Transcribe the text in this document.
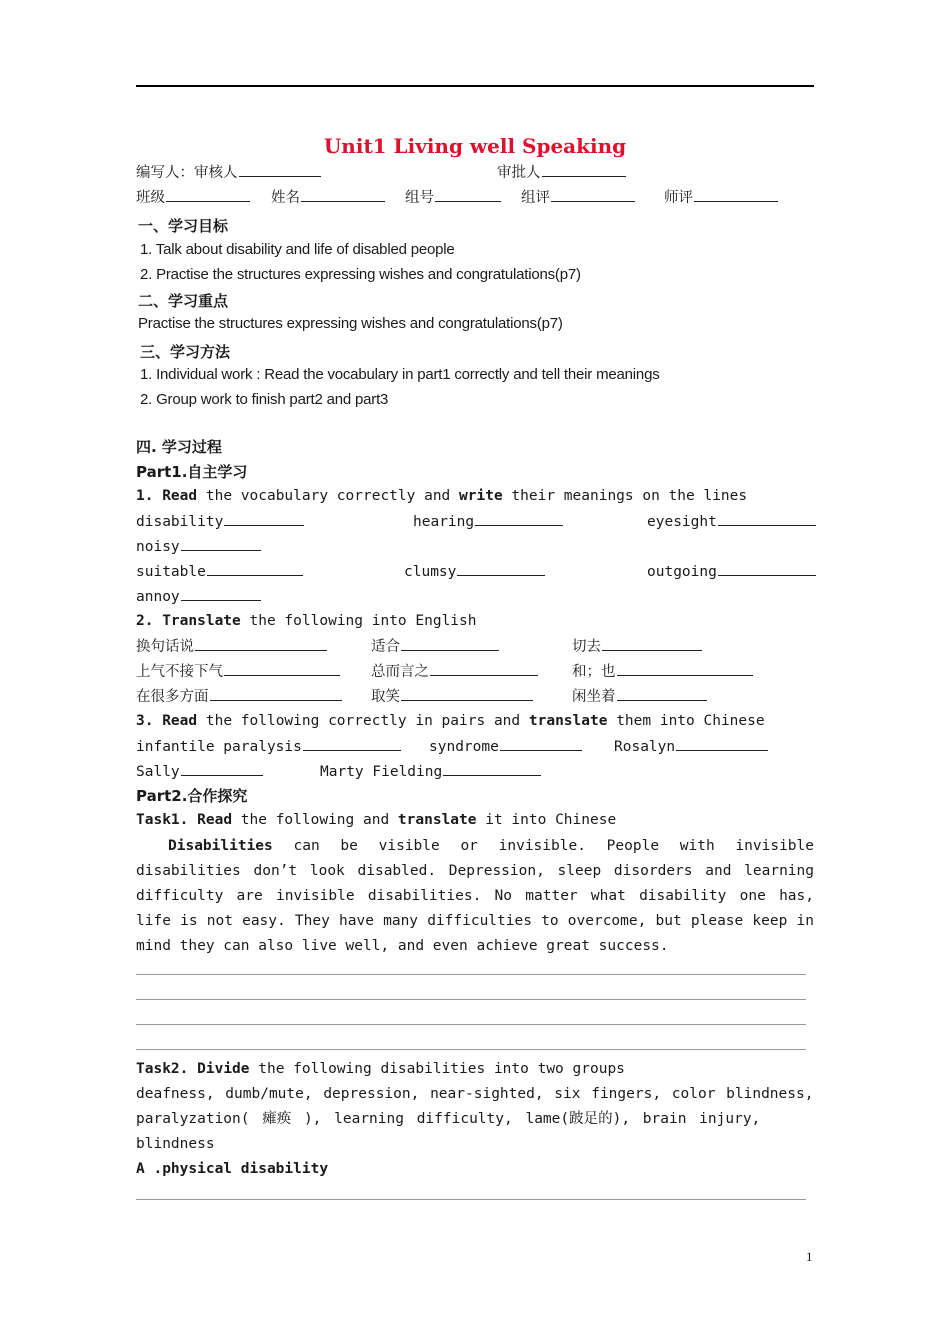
Unit1 Living well Speaking
编写人：审核人	审批人
班级	姓名	组号	组评	师评
一、学习目标
1. Talk about disability and life of disabled people
2. Practise the structures expressing wishes and congratulations(p7)
二、学习重点
Practise the structures expressing wishes and congratulations(p7)
三、学习方法
1. Individual work : Read the vocabulary in part1 correctly and tell their meanings
2. Group work to finish part2 and part3
四. 学习过程
Part1.自主学习
1. Read the vocabulary correctly and write their meanings on the lines
disability	hearing	eyesight
noisy
suitable	clumsy	outgoing
annoy
2. Translate the following into English
换句话说	适合	切去
上气不接下气	总而言之	和；也
在很多方面	取笑	闲坐着
3. Read the following correctly in pairs and translate them into Chinese
infantile paralysis	syndrome	Rosalyn
Sally	Marty Fielding
Part2.合作探究
Task1. Read the following and translate it into Chinese
Disabilities can be visible or invisible. People with invisible disabilities don’t look disabled. Depression, sleep disorders and learning difficulty are invisible disabilities. No matter what disability one has, life is not easy. They have many difficulties to overcome, but please keep in mind they can also live well, and even achieve great success.
Task2. Divide the following disabilities into two groups
deafness, dumb/mute, depression, near-sighted, six fingers, color blindness,
paralyzation( 瘫痪 ), learning difficulty, lame(跛足的), brain injury,
blindness
A .physical disability
1
